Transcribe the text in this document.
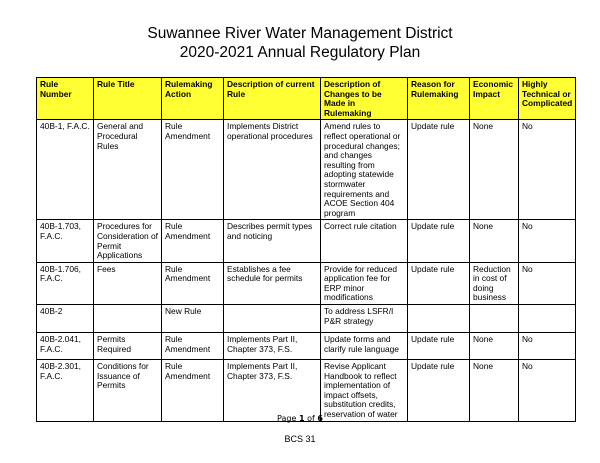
Suwannee River Water Management District
2020-2021 Annual Regulatory Plan
Rule Number	Rule Title	Rulemaking Action	Description of current Rule	Description of Changes to be Made in Rulemaking	Reason for Rulemaking	Economic Impact	Highly Technical or Complicated
40B-1, F.A.C.	General and Procedural Rules	Rule Amendment	Implements District operational procedures	Amend rules to reflect operational or procedural changes; and changes resulting from adopting statewide stormwater requirements and ACOE Section 404 program	Update rule	None	No
40B-1.703, F.A.C.	Procedures for Consideration of Permit Applications	Rule Amendment	Describes permit types and noticing	Correct rule citation	Update rule	None	No
40B-1.706, F.A.C.	Fees	Rule Amendment	Establishes a fee schedule for permits	Provide for reduced application fee for ERP minor modifications	Update rule	Reduction in cost of doing business	No
40B-2		New Rule		To address LSFR/I P&R strategy			
40B-2.041, F.A.C.	Permits Required	Rule Amendment	Implements Part II, Chapter 373, F.S.	Update forms and clarify rule language	Update rule	None	No
40B-2.301, F.A.C.	Conditions for Issuance of Permits	Rule Amendment	Implements Part II, Chapter 373, F.S.	Revise Applicant Handbook to reflect implementation of impact offsets, substitution credits, reservation of water	Update rule	None	No
Page 1 of 6
BCS 31
